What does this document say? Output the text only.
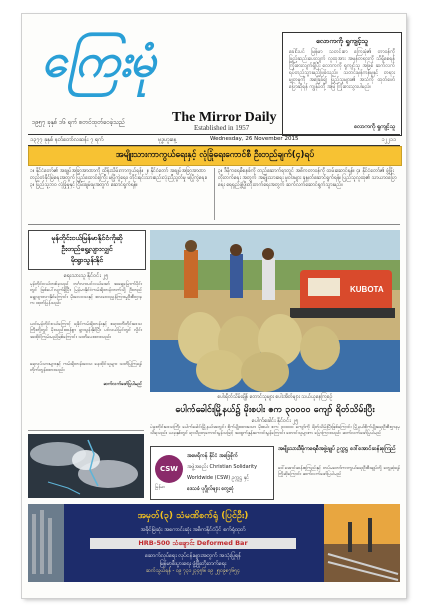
ကြေးမုံ
၁၉၅၇ ခုနှစ် ၁၆ ရက် စတင်ထုတ်ဝေခဲ့သည်	The Mirror Daily
Established in 1957
လောကကို ရှုကျင့်သူ
ခေါင်းပင် မြန်မာ သတင်းစာ ကြေးမုံ၏ တာဝန်ကို ဖြည့်ဆည်းပေးလျက် လူထုအား အမှန်တရားကို သိရှိစေရန် ကြိုးစားလျက်ရှိပြီး လောကကို ရှုကျင့်သူ အဖြစ် ဆက်လက်ရပ်တည်သွားမည်ဖြစ်သည်။ သတင်းမှန်ကန်မှုနှင့် တရားမျှတမှုကို အခြေခံ၍ ပြည်သူများ၏ အသံကို ထုတ်ဖော်ပြောဆိုရန် ကျွန်ုပ်တို့ အမြဲ ကြိုးစားသွားပါမည်။
လောကကို ရှုကျင့်သူ
၁၃၇၇ ခုနှစ် နတ်တော်လဆန်း ၇ ရက်	ဗုဒ္ဓဟူးနေ့	Wednesday, 26 November 2015	၁၂၂၁၁
အမျိုးသားကာကွယ်ရေးနှင့် လုံခြုံရေးကောင်စီ ဦးတည်ချက်(၄)ရပ်
၁။ နိုင်ငံတော်၏ အချုပ်အခြာအာဏာကို ထိန်းသိမ်းကာကွယ်ရန်။ ၂။ နိုင်ငံတော် အချုပ်အခြာအာဏာ တည်တံ့ခိုင်မြဲရေးအတွက် ပြည်ထောင်စုကြီး မပြိုကွဲရေး၊ တိုင်းရင်းသားစည်းလုံးညီညွတ်မှု မပြိုကွဲရေး။ ၃။ ပြည်သူ့ဘဝ လုံခြုံမှုနှင့် ငြိမ်းချမ်းမှုအတွက် ဆောင်ရွက်ရန်။
၃။ ဒီမိုကရေစီစနစ်ကို တည်ဆောက်ရာတွင် အဓိကတာဝန်ကို ထမ်းဆောင်ရန်။ ၄။ နိုင်ငံတော်၏ ဖွံ့ဖြိုးတိုးတက်ရေး အတွက် အမျိုးသားရေး မူဝါဒများ ချမှတ်ဆောင်ရွက်ရန်။ ပြည်သူလူထု၏ သာယာဝပြောရေး ရေရှည်ဖွံ့ဖြိုးတိုးတက်ရေးအတွက် ဆက်လက်ဆောင်ရွက်သွားမည်။
မုန်တိုင်းငယ်မြန်မာနိုင်ငံကိုဆို
ဦးတည်ရွေ့လျားလျှင်
မိုးရွာသွန်းနိုင်
ရေးသားသူ နိုင်ဝင်း ၂၅
မုန်တိုင်းငယ်တစ်ခုသည် ဘင်္ဂလားပင်လယ်အော် အရှေ့မြောက်ပိုင်းတွင် ဖြစ်ပေါ်လျက်ရှိပြီး မြန်မာနိုင်ငံကမ်းရိုးတန်းဘက်သို့ ဦးတည်ရွေ့လျားလာနိုင်ကြောင်း မိုးလေဝသနှင့် ဇလဗေဒညွှန်ကြားမှုဦးစီးဌာနက ထုတ်ပြန်သည်။
ယင်းမုန်တိုင်းငယ်ကြောင့် ရခိုင်ကမ်းရိုးတန်းနှင့် ဧရာဝတီတိုင်းဒေသကြီးတို့တွင် မိုးသည်းထန်စွာ ရွာသွန်းနိုင်ပြီး ပင်လယ်ပြင်တွင် လှိုင်းအထိုင်ကြမ်းမည်ဖြစ်ကြောင်း သတိပေးထားသည်။
ရေလုပ်သားများနှင့် ကမ်းရိုးတန်းဒေသ နေထိုင်သူများ သတိပြုကြရန် တိုက်တွန်းထားသည်။
ဆက်လက်ဖော်ပြပါမည်
KUBOTA
စပါးရိတ်သိမ်းချိန် တောင်သူများ စပါးအိတ်များ သယ်ယူနေကြစဉ်
ပေါက်ခေါင်းမြို့နယ်၌ မိုးစပါး ဧက ၃၀၀၀၀ ကျော် ရိတ်သိမ်းပြီး
ပေါက်ခေါင်း နိုင်ဝင်း ၂၅
ပဲခူးတိုင်းဒေသကြီး ပေါက်ခေါင်းမြို့နယ်အတွင်း စိုက်ပျိုးထားသော မိုးစပါး ဧက ၃၀၀၀၀ ကျော်ကို ရိတ်သိမ်းပြီးဖြစ်ကြောင်း မြို့နယ်စိုက်ပျိုးရေးဦးစီးဌာနမှ သိရသည်။ ယခုနှစ်တွင် ရာသီဥတုကောင်းမွန်သဖြင့် အထွက်နှုန်းကောင်းမွန်ကြောင်း တောင်သူများက ပြောကြားသည်။ ဆက်လက်ဖော်ပြပါမည်
CSW
မြန်မာ
အမေရိကန် နိုင်ငံ အခြေစိုက်
အဖွဲ့အစည်း Christian Solidarity
Worldwide (CSW) ဥက္ကဋ္ဌ နှင့်
ဒေသခံ ပုဂ္ဂိုလ်များ တွေ့ဆုံ
အမျိုးသားဒီမိုကရေစီအဖွဲ့ချုပ် ဥက္ကဋ္ဌ ဒေါ်အောင်ဆန်းစုကြည်
ဒေါ်အောင်ဆန်းစုကြည်နှင့် တပ်မတော်ကာကွယ်ရေးဦးစီးချုပ်တို့ တွေ့ဆုံရန် ကြိုဆိုကြောင်း ဆက်လက်ဖော်ပြပါမည်
အမှတ်(၃) သံမဏိစက်ရုံ (ပြင်ဦး)
အခိုင်မြဲဆုံး အကောင်းဆုံး အဓိကနိုင်ငံပိုင် စက်ရုံထုတ်
HRB-500 သံချောင်း Deformed Bar
ဆောက်လုပ်ရေး လုပ်ငန်းများအတွက် အသုံးပြုရန်
မြန်မာ့စီးပွားရေး ဖွံ့ဖြိုးတိုးတက်ရေး
ဆက်သွယ်ရန် - ၀၉ ၇၃၁၂၃၄၅၆၊ ၀၉ ၂၅၀၉၈၇၆၅၄
